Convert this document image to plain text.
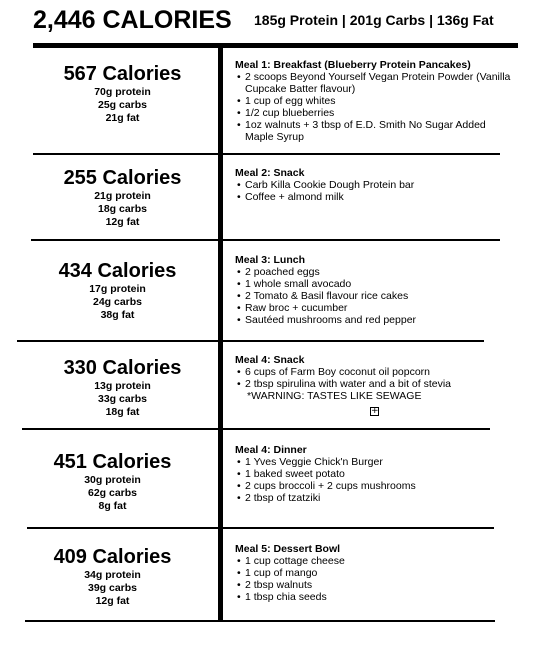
2,446 CALORIES 185g Protein | 201g Carbs | 136g Fat
567 Calories
70g protein
25g carbs
21g fat
Meal 1: Breakfast (Blueberry Protein Pancakes)
• 2 scoops Beyond Yourself Vegan Protein Powder (Vanilla Cupcake Batter flavour)
• 1 cup of egg whites
• 1/2 cup blueberries
• 1oz walnuts + 3 tbsp of E.D. Smith No Sugar Added Maple Syrup
255 Calories
21g protein
18g carbs
12g fat
Meal 2: Snack
• Carb Killa Cookie Dough Protein bar
• Coffee + almond milk
434 Calories
17g protein
24g carbs
38g fat
Meal 3: Lunch
• 2 poached eggs
• 1 whole small avocado
• 2 Tomato & Basil flavour rice cakes
• Raw broc + cucumber
• Sautéed mushrooms and red pepper
330 Calories
13g protein
33g carbs
18g fat
Meal 4: Snack
• 6 cups of Farm Boy coconut oil popcorn
• 2 tbsp spirulina with water and a bit of stevia
*WARNING: TASTES LIKE SEWAGE
+
451 Calories
30g protein
62g carbs
8g fat
Meal 4: Dinner
• 1 Yves Veggie Chick'n Burger
• 1 baked sweet potato
• 2 cups broccoli + 2 cups mushrooms
• 2 tbsp of tzatziki
409 Calories
34g protein
39g carbs
12g fat
Meal 5: Dessert Bowl
• 1 cup cottage cheese
• 1 cup of mango
• 2 tbsp walnuts
• 1 tbsp chia seeds
